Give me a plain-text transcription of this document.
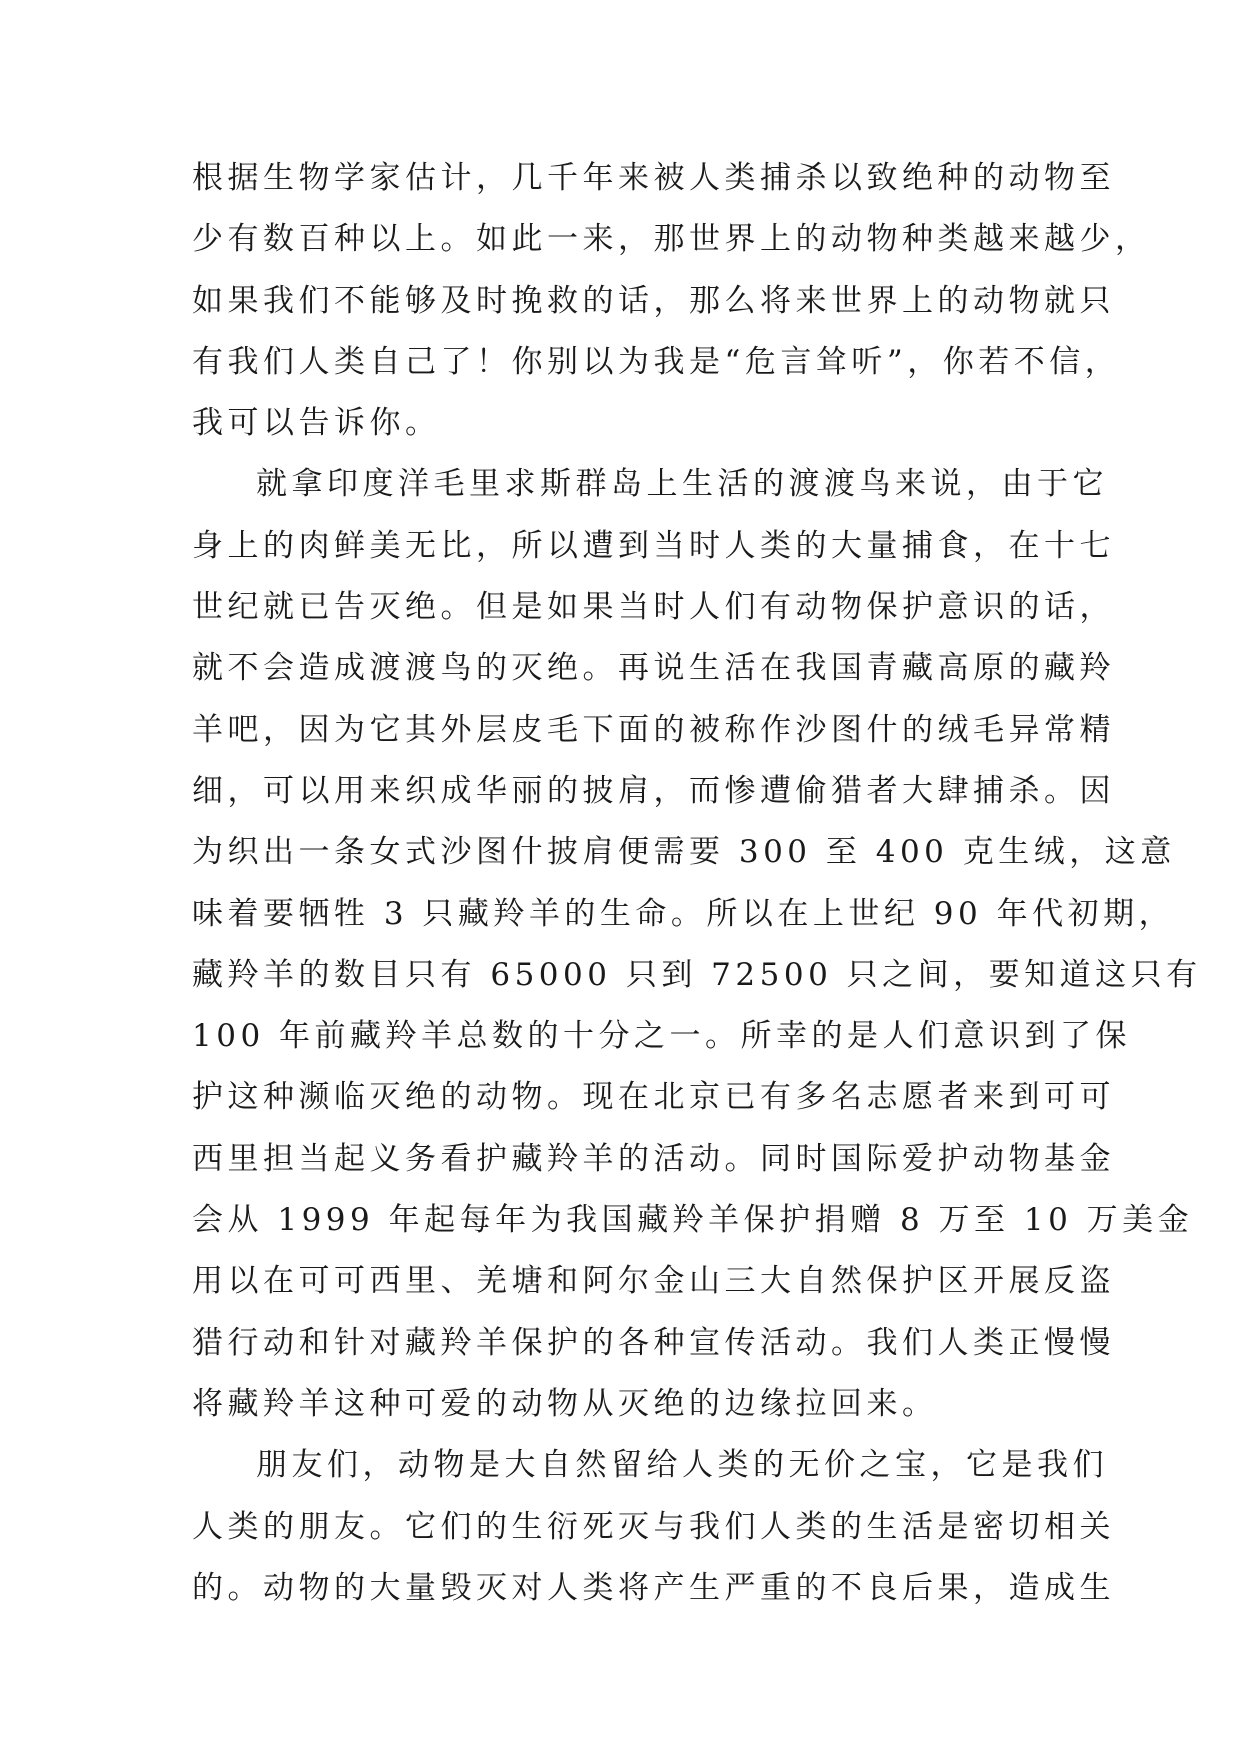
根据生物学家估计，几千年来被人类捕杀以致绝种的动物至
少有数百种以上。如此一来，那世界上的动物种类越来越少，
如果我们不能够及时挽救的话，那么将来世界上的动物就只
有我们人类自己了！你别以为我是“危言耸听”，你若不信，
我可以告诉你。
就拿印度洋毛里求斯群岛上生活的渡渡鸟来说，由于它
身上的肉鲜美无比，所以遭到当时人类的大量捕食，在十七
世纪就已告灭绝。但是如果当时人们有动物保护意识的话，
就不会造成渡渡鸟的灭绝。再说生活在我国青藏高原的藏羚
羊吧，因为它其外层皮毛下面的被称作沙图什的绒毛异常精
细，可以用来织成华丽的披肩，而惨遭偷猎者大肆捕杀。因
为织出一条女式沙图什披肩便需要 300 至 400 克生绒，这意
味着要牺牲 3 只藏羚羊的生命。所以在上世纪 90 年代初期，
藏羚羊的数目只有 65000 只到 72500 只之间，要知道这只有
100 年前藏羚羊总数的十分之一。所幸的是人们意识到了保
护这种濒临灭绝的动物。现在北京已有多名志愿者来到可可
西里担当起义务看护藏羚羊的活动。同时国际爱护动物基金
会从 1999 年起每年为我国藏羚羊保护捐赠 8 万至 10 万美金
用以在可可西里、羌塘和阿尔金山三大自然保护区开展反盗
猎行动和针对藏羚羊保护的各种宣传活动。我们人类正慢慢
将藏羚羊这种可爱的动物从灭绝的边缘拉回来。
朋友们，动物是大自然留给人类的无价之宝，它是我们
人类的朋友。它们的生衍死灭与我们人类的生活是密切相关
的。动物的大量毁灭对人类将产生严重的不良后果，造成生
